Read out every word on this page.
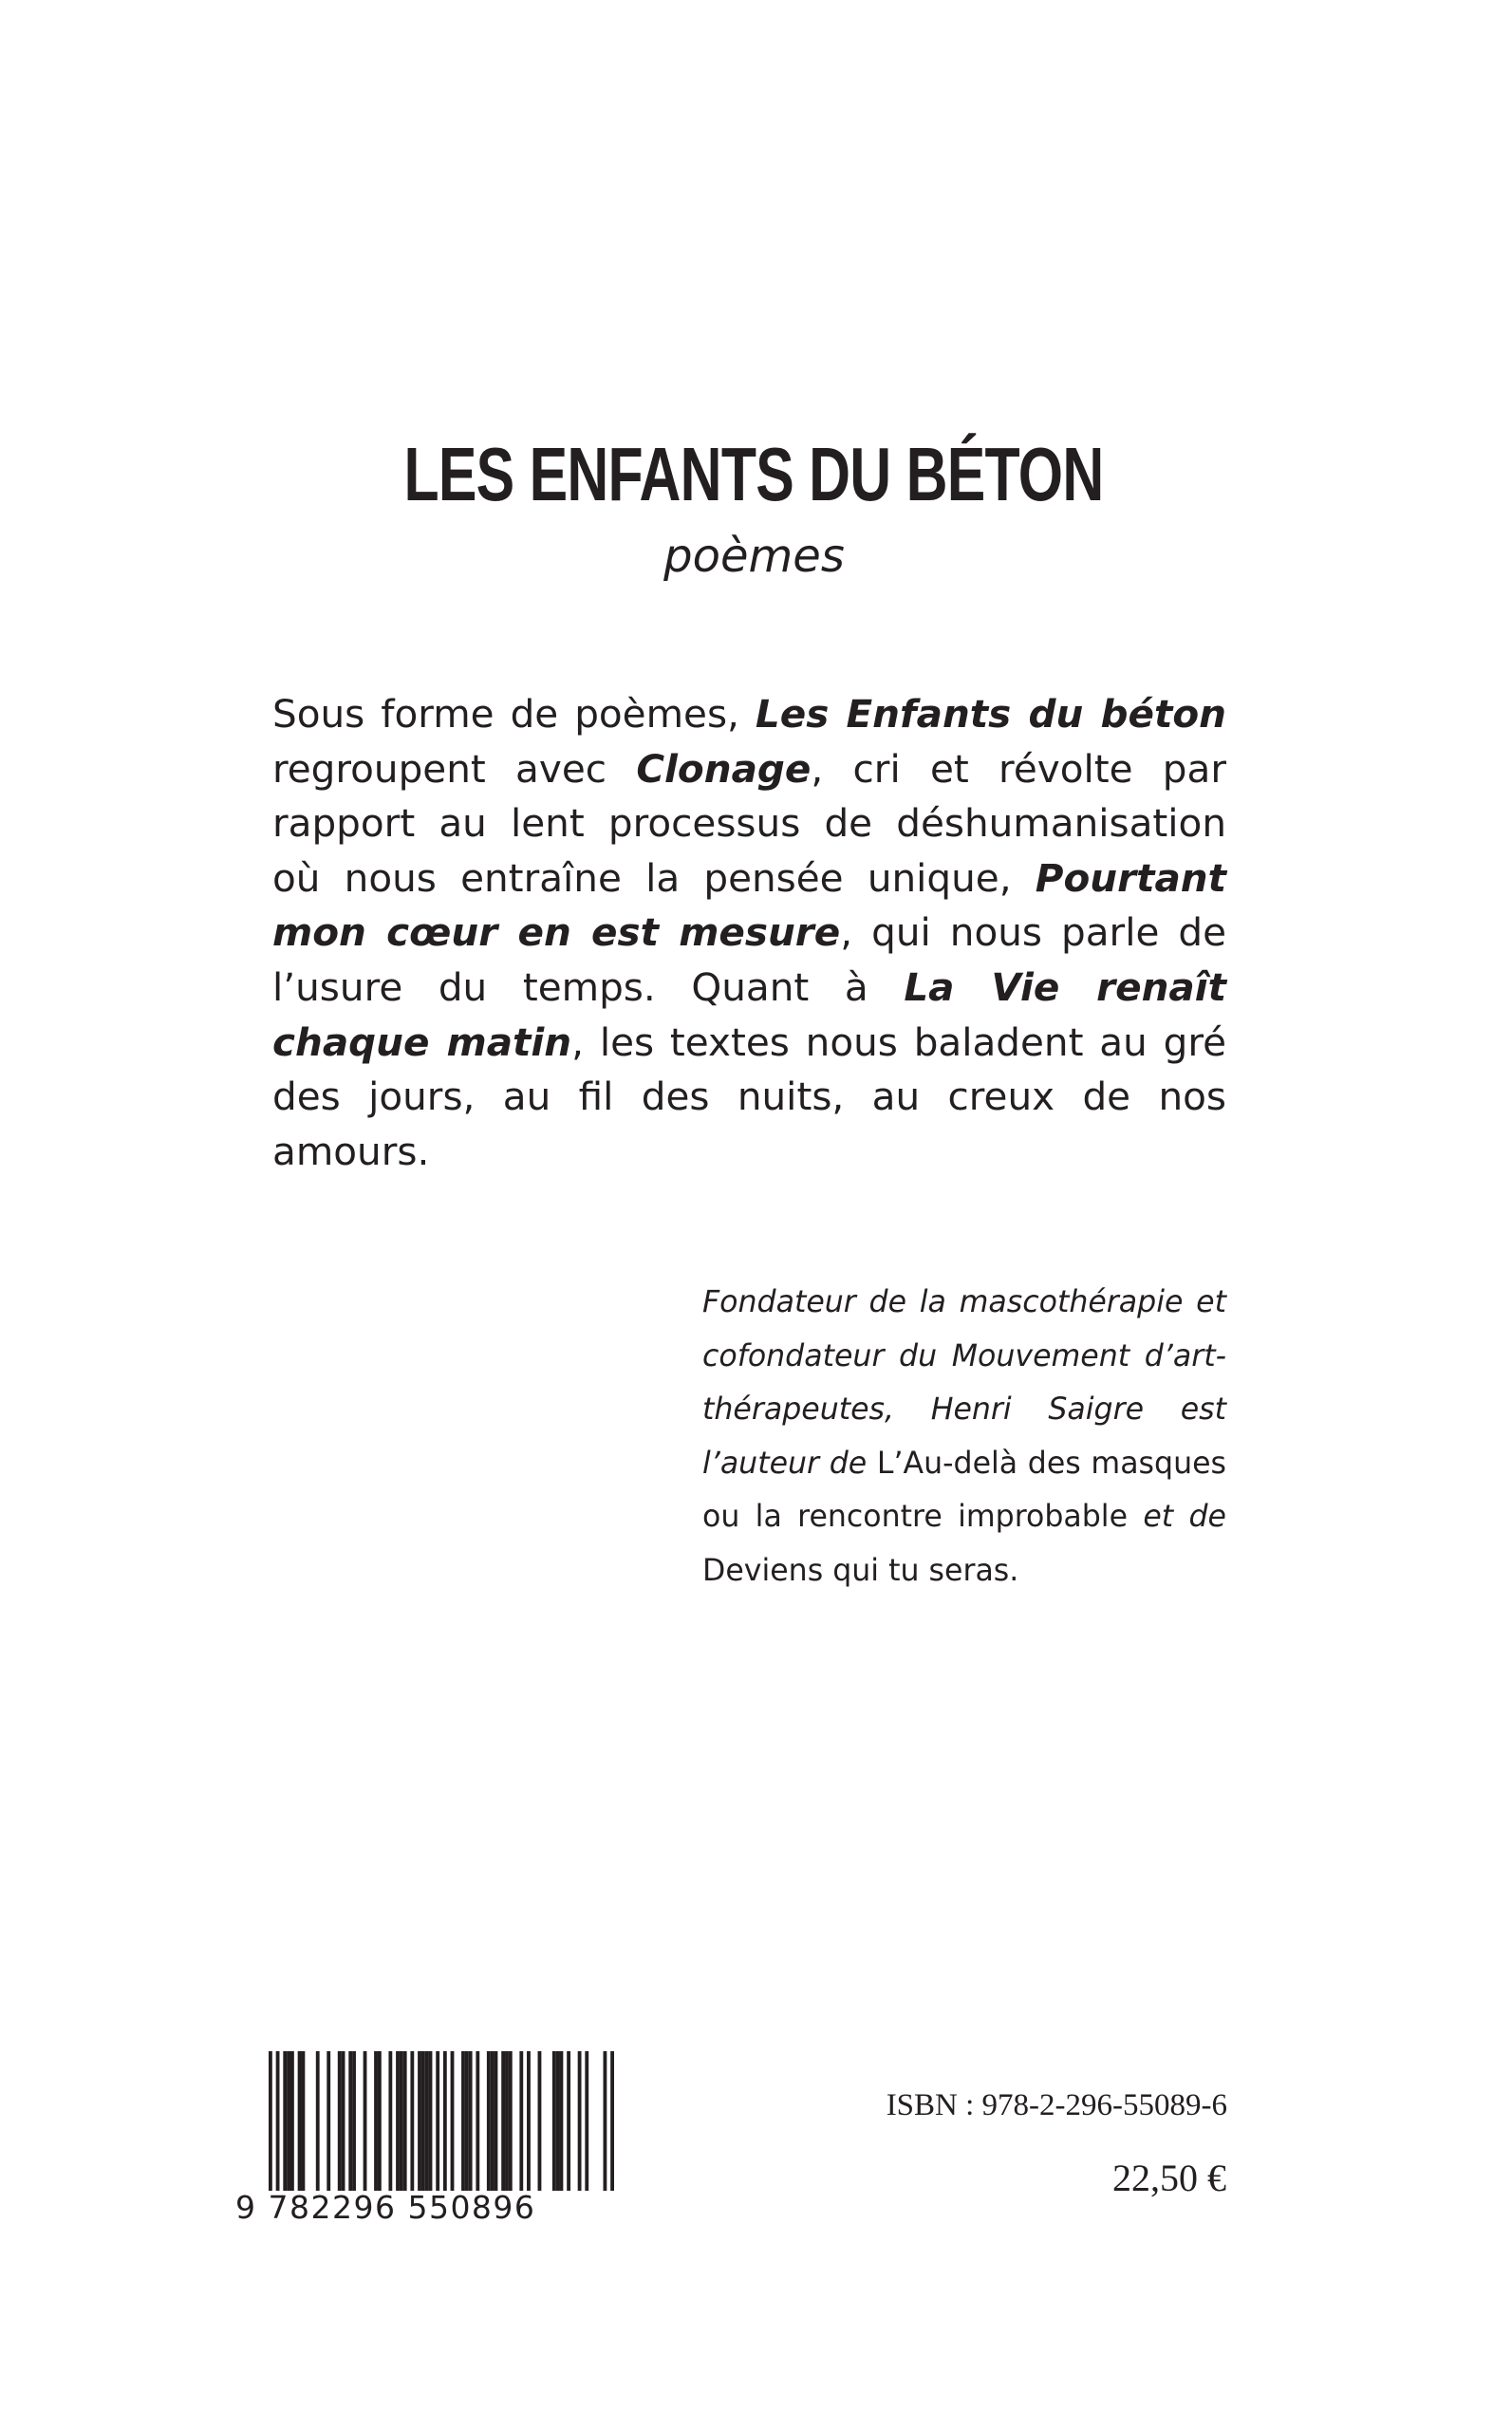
LES ENFANTS DU BÉTON
poèmes
Sous forme de poèmes, Les Enfants du béton regroupent avec Clonage, cri et révolte par rapport au lent processus de déshumanisation où nous entraîne la pensée unique, Pourtant mon cœur en est mesure, qui nous parle de l’usure du temps. Quant à La Vie renaît chaque matin, les textes nous baladent au gré des jours, au fil des nuits, au creux de nos amours.
Fondateur de la mascothérapie et cofondateur du Mouvement d’art-thérapeutes, Henri Saigre est l’auteur de L’Au-delà des masques ou la rencontre improbable et de Deviens qui tu seras.
9 782296 550896
ISBN : 978-2-296-55089-6
22,50 €
